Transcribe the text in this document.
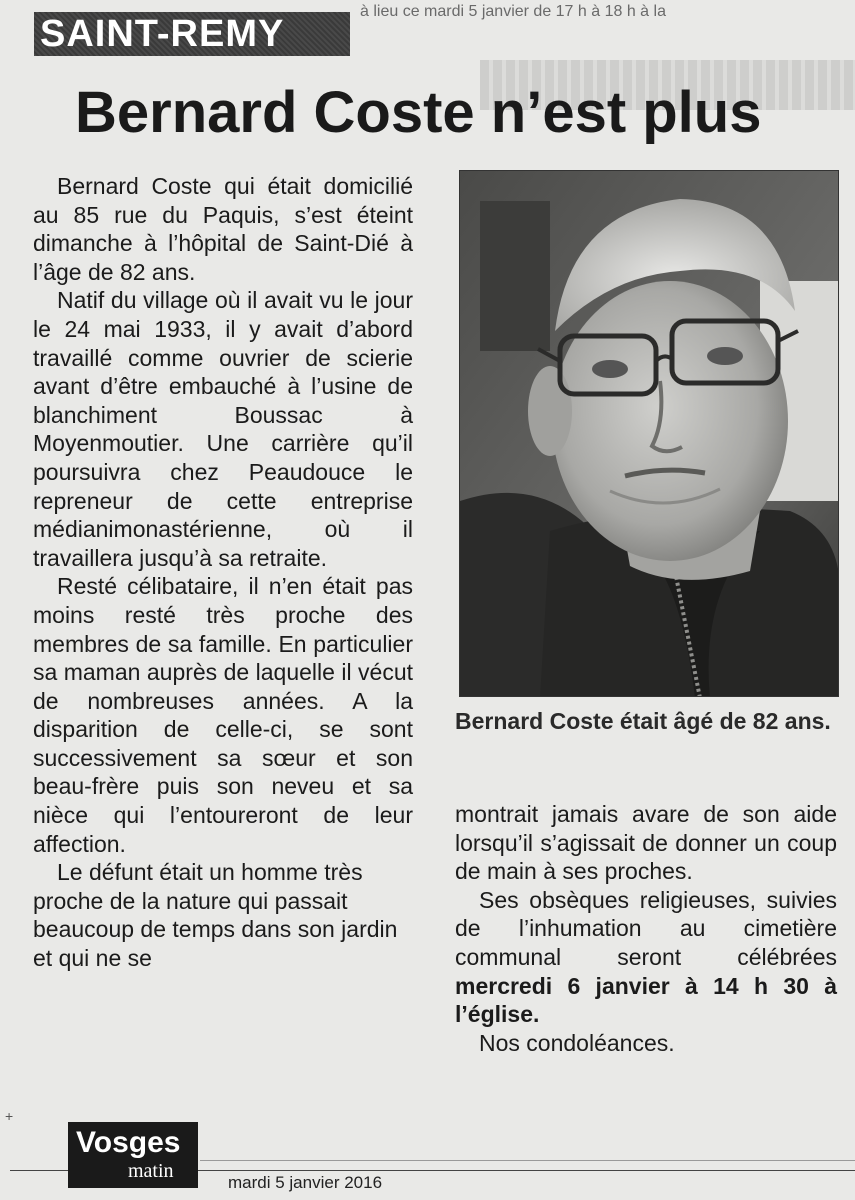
à lieu ce mardi 5 janvier de 17 h à 18 h à la
SAINT-REMY
Bernard Coste n’est plus

Bernard Coste qui était domicilié au 85 rue du Paquis, s’est éteint dimanche à l’hôpital de Saint-Dié à l’âge de 82 ans.

Natif du village où il avait vu le jour le 24 mai 1933, il y avait d’abord travaillé comme ouvrier de scierie avant d’être embauché à l’usine de blanchiment Boussac à Moyenmoutier. Une carrière qu’il poursuivra chez Peaudouce le repreneur de cette entreprise médianimonastérienne, où il travaillera jusqu’à sa retraite.

Resté célibataire, il n’en était pas moins resté très proche des membres de sa famille. En particulier sa maman auprès de laquelle il vécut de nombreuses années. A la disparition de celle-ci, se sont successivement sa sœur et son beau-frère puis son neveu et sa nièce qui l’entoureront de leur affection.

Le défunt était un homme très proche de la nature qui passait beaucoup de temps dans son jardin et qui ne se

Bernard Coste était âgé de 82 ans.

montrait jamais avare de son aide lorsqu’il s’agissait de donner un coup de main à ses proches.

Ses obsèques religieuses, suivies de l’inhumation au cimetière communal seront célébrées mercredi 6 janvier à 14 h 30 à l’église.

Nos condoléances.

+
Vosges
matin
mardi 5 janvier 2016
